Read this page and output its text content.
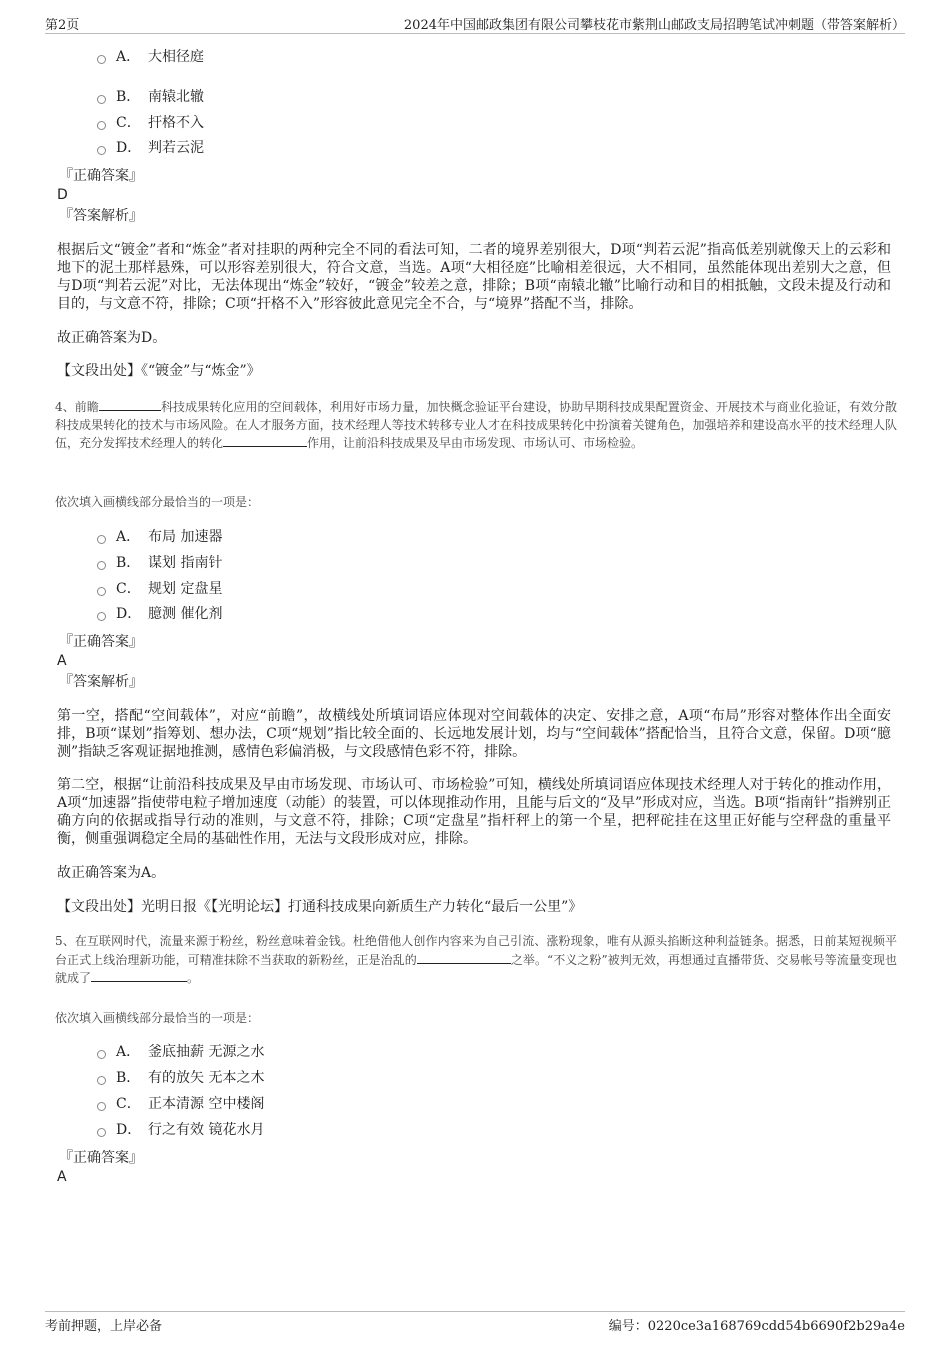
第2页	2024年中国邮政集团有限公司攀枝花市紫荆山邮政支局招聘笔试冲刺题（带答案解析）
A． 大相径庭
B． 南辕北辙
C． 扞格不入
D． 判若云泥
『正确答案』
D
『答案解析』
根据后文“镀金”者和“炼金”者对挂职的两种完全不同的看法可知，二者的境界差别很大，D项“判若云泥”指高低差别就像天上的云彩和地下的泥土那样悬殊，可以形容差别很大，符合文意，当选。A项“大相径庭”比喻相差很远，大不相同，虽然能体现出差别大之意，但与D项“判若云泥”对比，无法体现出“炼金”较好，“镀金”较差之意，排除；B项“南辕北辙”比喻行动和目的相抵触，文段未提及行动和目的，与文意不符，排除；C项“扞格不入”形容彼此意见完全不合，与“境界”搭配不当，排除。
故正确答案为D。
【文段出处】《“镀金”与“炼金”》
4、前瞻	科技成果转化应用的空间载体，利用好市场力量，加快概念验证平台建设，协助早期科技成果配置资金、开展技术与商业化验证，有效分散科技成果转化的技术与市场风险。在人才服务方面，技术经理人等技术转移专业人才在科技成果转化中扮演着关键角色，加强培养和建设高水平的技术经理人队伍，充分发挥技术经理人的转化	作用，让前沿科技成果及早由市场发现、市场认可、市场检验。
依次填入画横线部分最恰当的一项是：
A． 布局 加速器
B． 谋划 指南针
C． 规划 定盘星
D． 臆测 催化剂
『正确答案』
A
『答案解析』
第一空，搭配“空间载体”，对应“前瞻”，故横线处所填词语应体现对空间载体的决定、安排之意，A项“布局”形容对整体作出全面安排，B项“谋划”指筹划、想办法，C项“规划”指比较全面的、长远地发展计划，均与“空间载体”搭配恰当，且符合文意，保留。D项“臆测”指缺乏客观证据地推测，感情色彩偏消极，与文段感情色彩不符，排除。
第二空，根据“让前沿科技成果及早由市场发现、市场认可、市场检验”可知，横线处所填词语应体现技术经理人对于转化的推动作用，A项“加速器”指使带电粒子增加速度（动能）的装置，可以体现推动作用，且能与后文的“及早”形成对应，当选。B项“指南针”指辨别正确方向的依据或指导行动的准则，与文意不符，排除；C项“定盘星”指杆秤上的第一个星，把秤砣挂在这里正好能与空秤盘的重量平衡，侧重强调稳定全局的基础性作用，无法与文段形成对应，排除。
故正确答案为A。
【文段出处】光明日报《【光明论坛】打通科技成果向新质生产力转化“最后一公里”》
5、在互联网时代，流量来源于粉丝，粉丝意味着金钱。杜绝借他人创作内容来为自己引流、涨粉现象，唯有从源头掐断这种利益链条。据悉，日前某短视频平台正式上线治理新功能，可精准抹除不当获取的新粉丝，正是治乱的	之举。“不义之粉”被判无效，再想通过直播带货、交易帐号等流量变现也就成了	。
依次填入画横线部分最恰当的一项是：
A． 釜底抽薪 无源之水
B． 有的放矢 无本之木
C． 正本清源 空中楼阁
D． 行之有效 镜花水月
『正确答案』
A
考前押题，上岸必备	编号：0220ce3a168769cdd54b6690f2b29a4e
